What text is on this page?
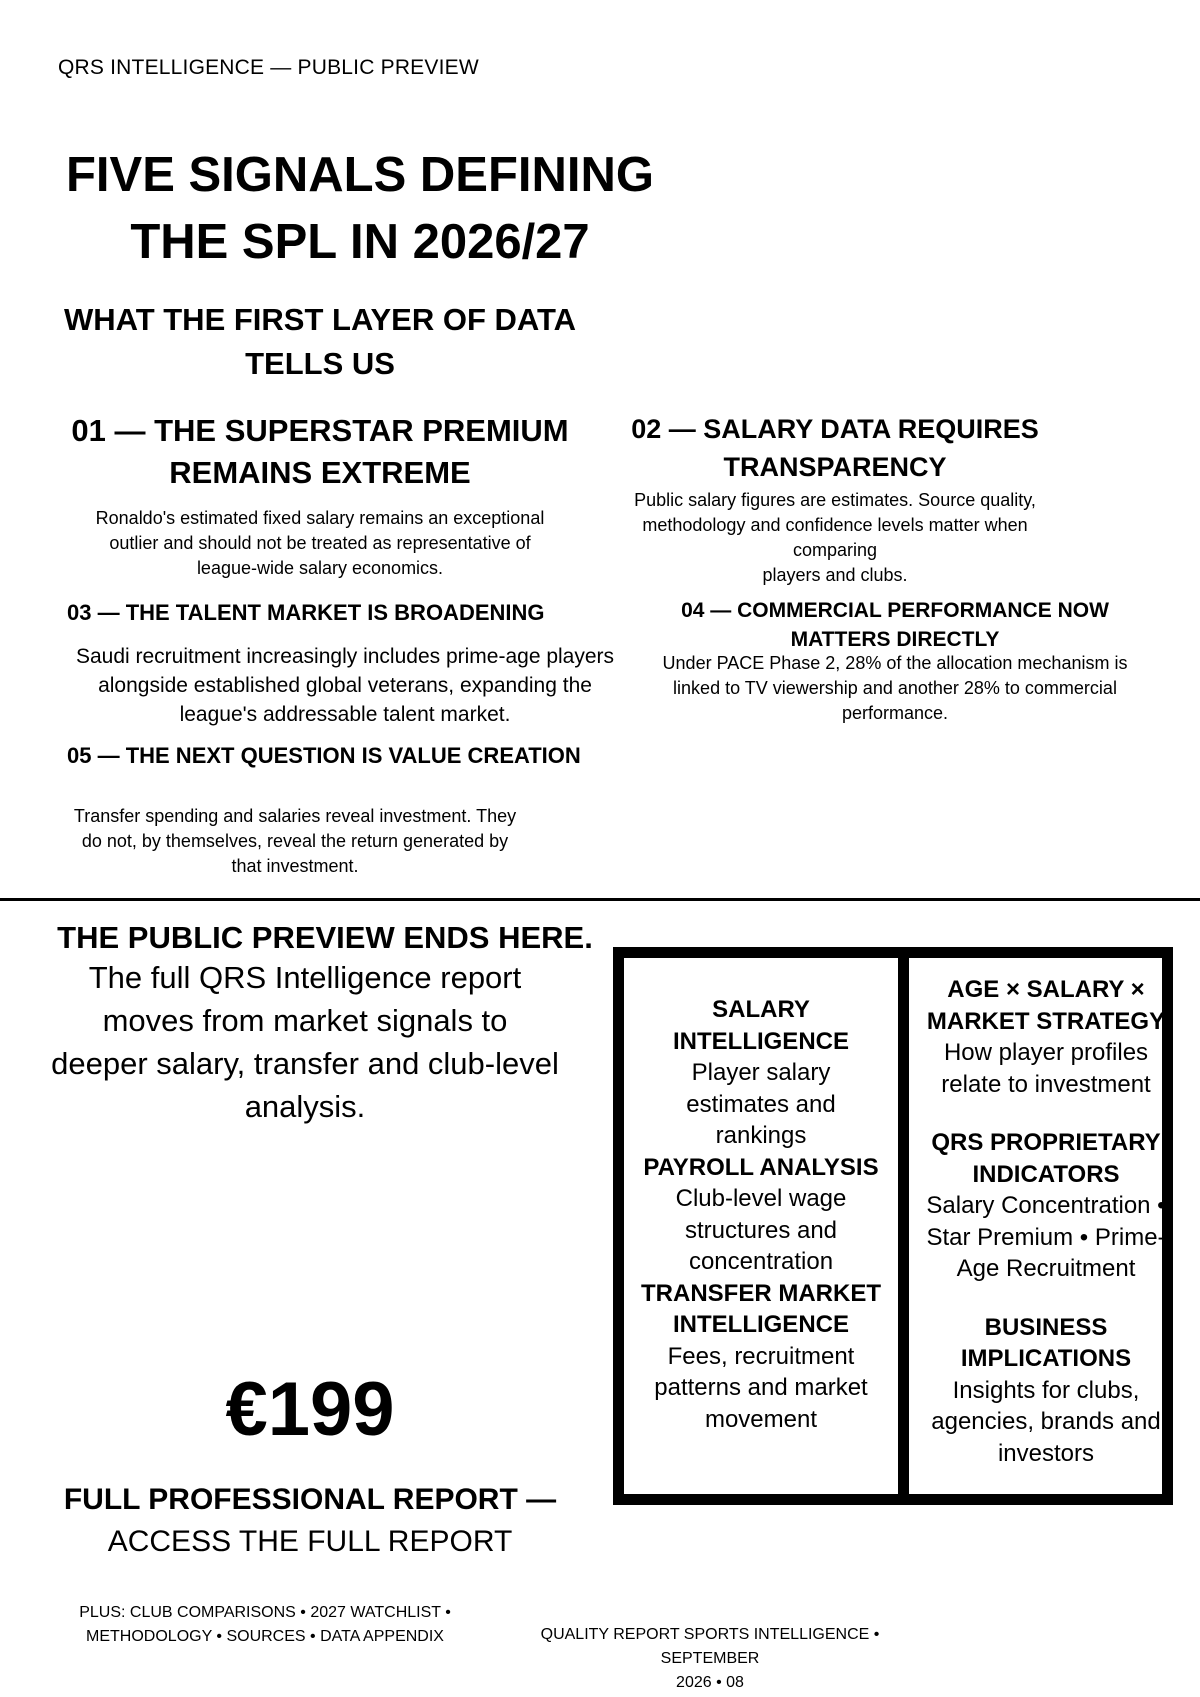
QRS INTELLIGENCE — PUBLIC PREVIEW
FIVE SIGNALS DEFINING
THE SPL IN 2026/27
WHAT THE FIRST LAYER OF DATA
TELLS US
01 — THE SUPERSTAR PREMIUM
REMAINS EXTREME
Ronaldo's estimated fixed salary remains an exceptional
outlier and should not be treated as representative of
league-wide salary economics.
02 — SALARY DATA REQUIRES
TRANSPARENCY
Public salary figures are estimates. Source quality,
methodology and confidence levels matter when comparing
players and clubs.
03 — THE TALENT MARKET IS BROADENING
Saudi recruitment increasingly includes prime-age players
alongside established global veterans, expanding the
league's addressable talent market.
04 — COMMERCIAL PERFORMANCE NOW
MATTERS DIRECTLY
Under PACE Phase 2, 28% of the allocation mechanism is
linked to TV viewership and another 28% to commercial
performance.
05 — THE NEXT QUESTION IS VALUE CREATION
Transfer spending and salaries reveal investment. They
do not, by themselves, reveal the return generated by
that investment.
THE PUBLIC PREVIEW ENDS HERE.
The full QRS Intelligence report
moves from market signals to
deeper salary, transfer and club-level
analysis.
€199
FULL PROFESSIONAL REPORT —
ACCESS THE FULL REPORT
PLUS: CLUB COMPARISONS • 2027 WATCHLIST •
METHODOLOGY • SOURCES • DATA APPENDIX	QUALITY REPORT SPORTS INTELLIGENCE • SEPTEMBER
2026 • 08
SALARY
INTELLIGENCE
Player salary
estimates and
rankings
PAYROLL ANALYSIS
Club-level wage
structures and
concentration
TRANSFER MARKET
INTELLIGENCE
Fees, recruitment
patterns and market
movement
AGE × SALARY ×
MARKET STRATEGY
How player profiles
relate to investment
QRS PROPRIETARY
INDICATORS
Salary Concentration •
Star Premium • Prime-
Age Recruitment
BUSINESS
IMPLICATIONS
Insights for clubs,
agencies, brands and
investors
